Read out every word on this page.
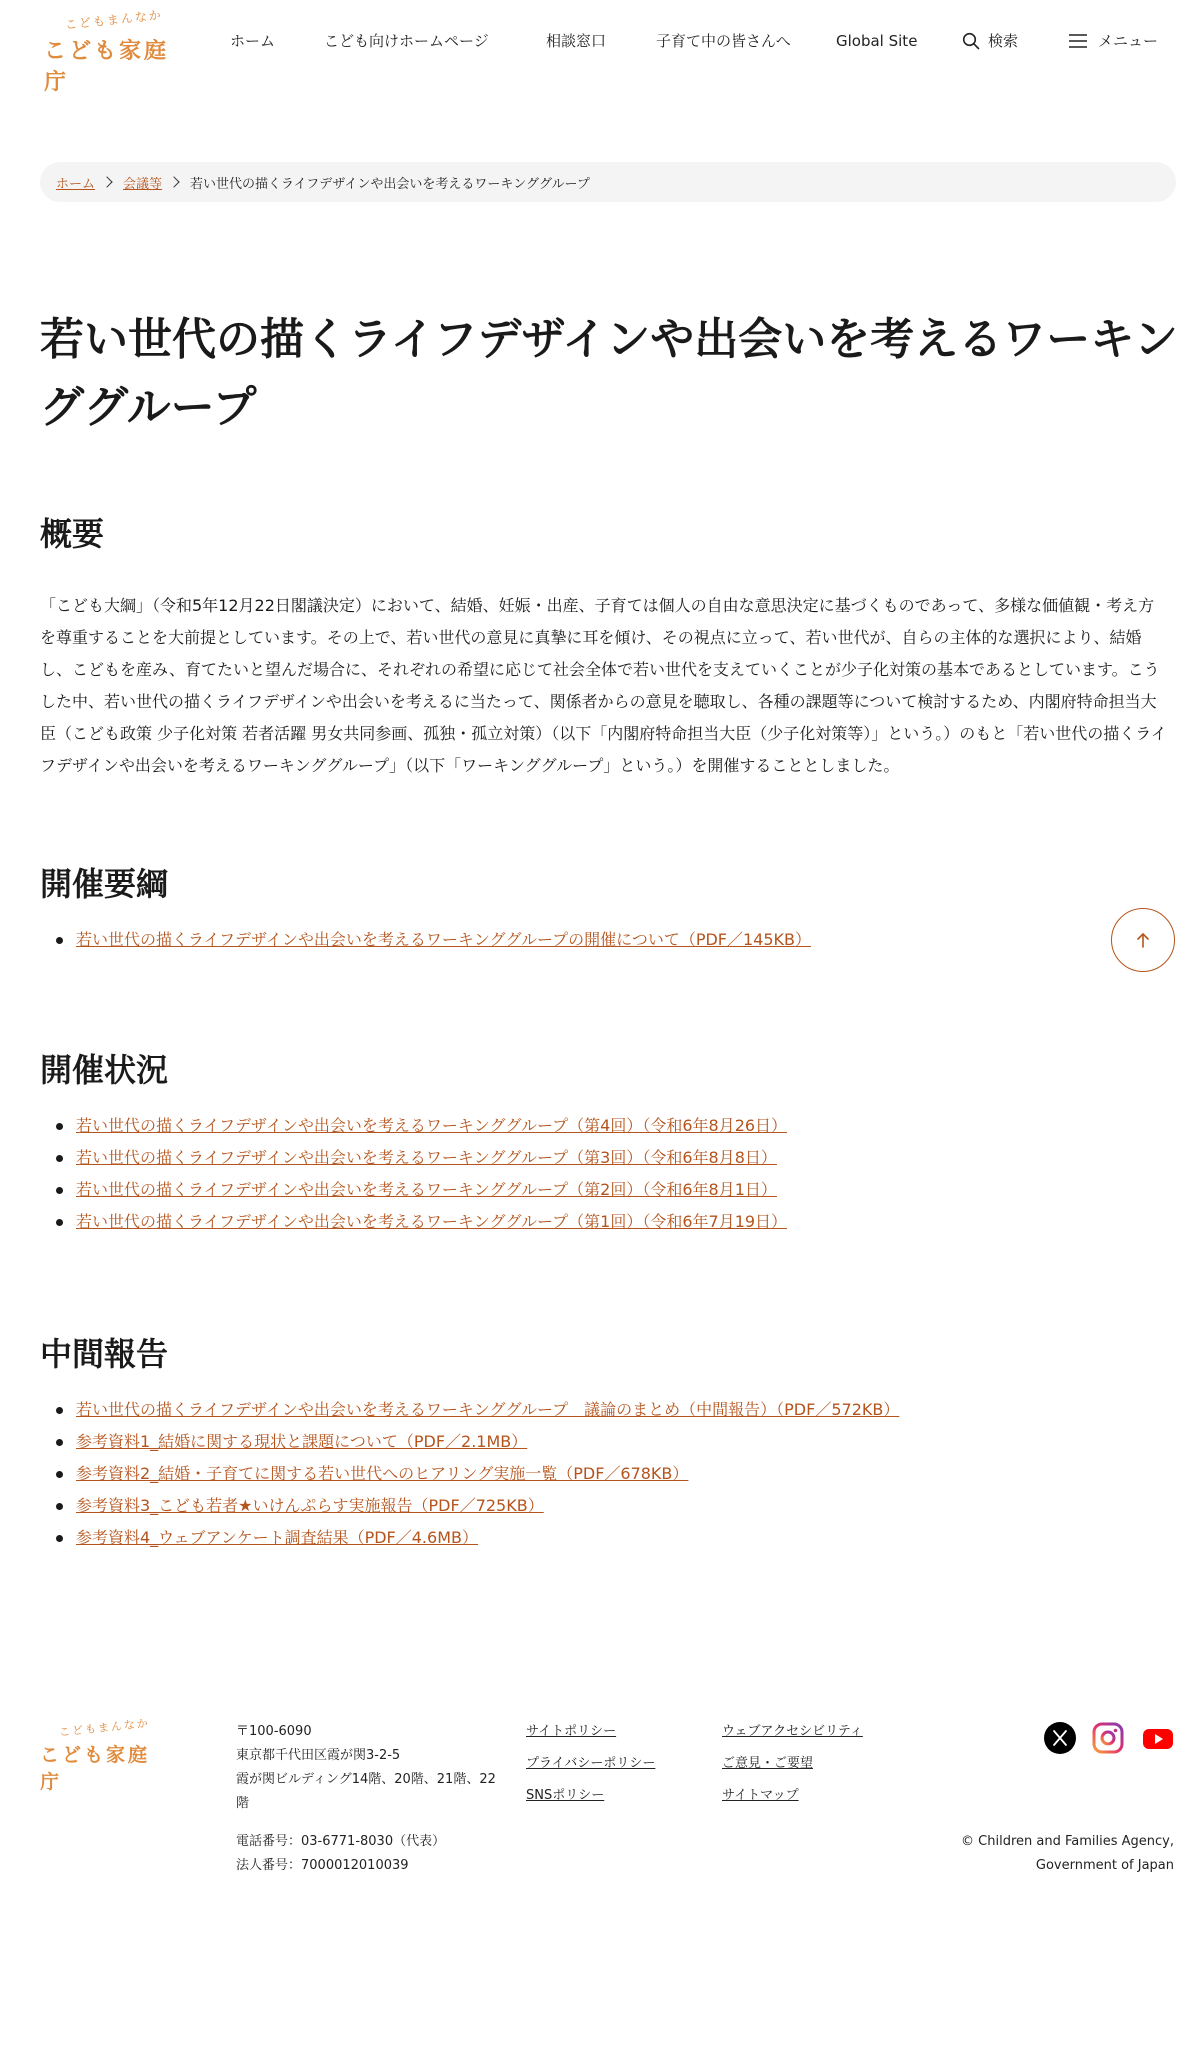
こどもまんなか
こども家庭庁
ホーム	こども向けホームページ	相談窓口	子育て中の皆さんへ	Global Site	検索	メニュー
ホーム 会議等 若い世代の描くライフデザインや出会いを考えるワーキンググループ
若い世代の描くライフデザインや出会いを考えるワーキンググループ
概要

「こども大綱」（令和5年12月22日閣議決定）において、結婚、妊娠・出産、子育ては個人の自由な意思決定に基づくものであって、多様な価値観・考え方を尊重することを大前提としています。その上で、若い世代の意見に真摯に耳を傾け、その視点に立って、若い世代が、自らの主体的な選択により、結婚し、こどもを産み、育てたいと望んだ場合に、それぞれの希望に応じて社会全体で若い世代を支えていくことが少子化対策の基本であるとしています。こうした中、若い世代の描くライフデザインや出会いを考えるに当たって、関係者からの意見を聴取し、各種の課題等について検討するため、内閣府特命担当大臣（こども政策 少子化対策 若者活躍 男女共同参画、孤独・孤立対策）（以下「内閣府特命担当大臣（少子化対策等）」という。）のもと「若い世代の描くライフデザインや出会いを考えるワーキンググループ」（以下「ワーキンググループ」という。）を開催することとしました。

開催要綱
若い世代の描くライフデザインや出会いを考えるワーキンググループの開催について（PDF／145KB）
開催状況
若い世代の描くライフデザインや出会いを考えるワーキンググループ（第4回）（令和6年8月26日）
若い世代の描くライフデザインや出会いを考えるワーキンググループ（第3回）（令和6年8月8日）
若い世代の描くライフデザインや出会いを考えるワーキンググループ（第2回）（令和6年8月1日）
若い世代の描くライフデザインや出会いを考えるワーキンググループ（第1回）（令和6年7月19日）
中間報告
若い世代の描くライフデザインや出会いを考えるワーキンググループ　議論のまとめ（中間報告）（PDF／572KB）
参考資料1_結婚に関する現状と課題について（PDF／2.1MB）
参考資料2_結婚・子育てに関する若い世代へのヒアリング実施一覧（PDF／678KB）
参考資料3_こども若者★いけんぷらす実施報告（PDF／725KB）
参考資料4_ウェブアンケート調査結果（PDF／4.6MB）
こどもまんなか
こども家庭庁
〒100-6090
東京都千代田区霞が関3-2-5
霞が関ビルディング14階、20階、21階、22階
電話番号：03-6771-8030（代表）
法人番号：7000012010039
サイトポリシー
プライバシーポリシー
SNSポリシー
ウェブアクセシビリティ
ご意見・ご要望
サイトマップ
© Children and Families Agency,
Government of Japan
